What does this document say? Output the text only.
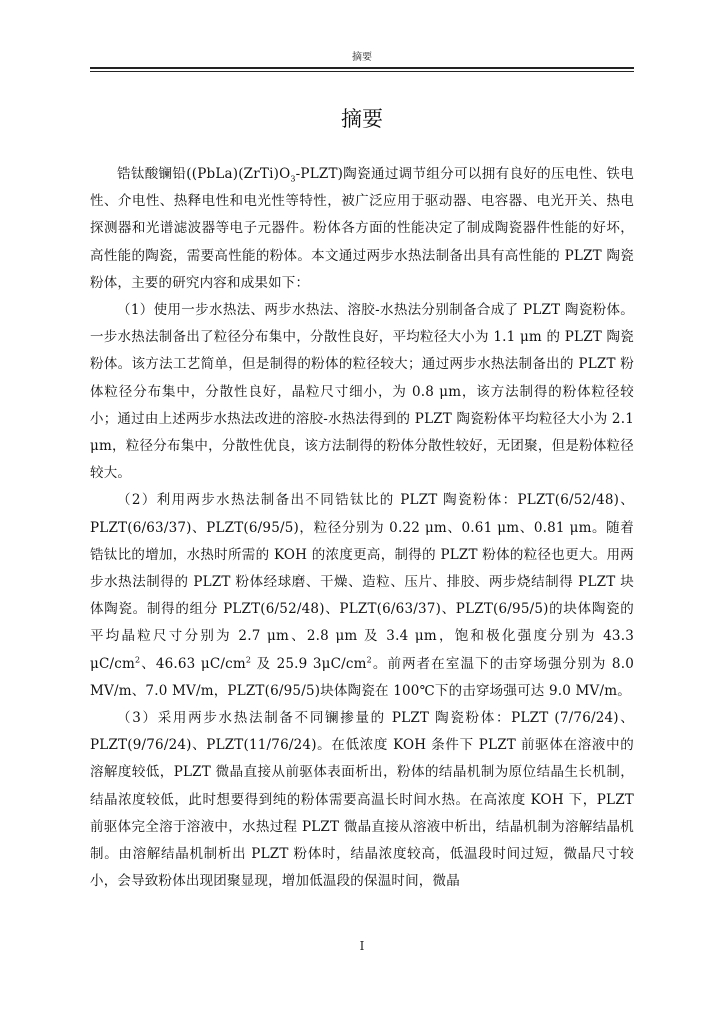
摘要
摘要

锆钛酸镧铅$((PbLa)(ZrTi)O_3-PLZT)$陶瓷通过调节组分可以拥有良好的压电性、铁电性、介电性、热释电性和电光性等特性，被广泛应用于驱动器、电容器、电光开关、热电探测器和光谱滤波器等电子元器件。粉体各方面的性能决定了制成陶瓷器件性能的好坏，高性能的陶瓷，需要高性能的粉体。本文通过两步水热法制备出具有高性能的 PLZT 陶瓷粉体，主要的研究内容和成果如下：

（1）使用一步水热法、两步水热法、溶胶-水热法分别制备合成了 PLZT 陶瓷粉体。一步水热法制备出了粒径分布集中，分散性良好，平均粒径大小为 1.1 μm 的 PLZT 陶瓷粉体。该方法工艺简单，但是制得的粉体的粒径较大；通过两步水热法制备出的 PLZT 粉体粒径分布集中，分散性良好，晶粒尺寸细小，为 0.8 μm，该方法制得的粉体粒径较小；通过由上述两步水热法改进的溶胶-水热法得到的 PLZT 陶瓷粉体平均粒径大小为 2.1 μm，粒径分布集中，分散性优良，该方法制得的粉体分散性较好，无团聚，但是粉体粒径较大。

（2）利用两步水热法制备出不同锆钛比的 PLZT 陶瓷粉体：PLZT(6/52/48)、PLZT(6/63/37)、PLZT(6/95/5)，粒径分别为 0.22 μm、0.61 μm、0.81 μm。随着锆钛比的增加，水热时所需的 KOH 的浓度更高，制得的 PLZT 粉体的粒径也更大。用两步水热法制得的 PLZT 粉体经球磨、干燥、造粒、压片、排胶、两步烧结制得 PLZT 块体陶瓷。制得的组分 PLZT(6/52/48)、PLZT(6/63/37)、PLZT(6/95/5)的块体陶瓷的平均晶粒尺寸分别为 2.7 μm、2.8 μm 及 3.4 μm，饱和极化强度分别为 43.3 $\mu C/cm^2$、46.63 $\mu C/cm^2$ 及 25.9 $3\mu C/cm^2$。前两者在室温下的击穿场强分别为 8.0 MV/m、7.0 MV/m，PLZT(6/95/5)块体陶瓷在 100℃下的击穿场强可达 9.0 MV/m。

（3）采用两步水热法制备不同镧掺量的 PLZT 陶瓷粉体：PLZT (7/76/24)、PLZT(9/76/24)、PLZT(11/76/24)。在低浓度 KOH 条件下 PLZT 前驱体在溶液中的溶解度较低，PLZT 微晶直接从前驱体表面析出，粉体的结晶机制为原位结晶生长机制，结晶浓度较低，此时想要得到纯的粉体需要高温长时间水热。在高浓度 KOH 下，PLZT 前驱体完全溶于溶液中，水热过程 PLZT 微晶直接从溶液中析出，结晶机制为溶解结晶机制。由溶解结晶机制析出 PLZT 粉体时，结晶浓度较高，低温段时间过短，微晶尺寸较小，会导致粉体出现团聚显现，增加低温段的保温时间，微晶

I
